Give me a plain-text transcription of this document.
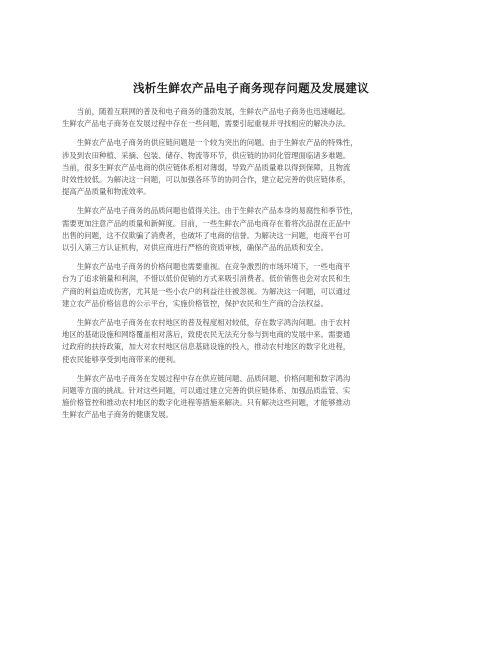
浅析生鲜农产品电子商务现存问题及发展建议

　　当前，随着互联网的普及和电子商务的蓬勃发展，生鲜农产品电子商务也迅速崛起。
生鲜农产品电子商务在发展过程中存在一些问题，需要引起重视并寻找相应的解决办法。

　　生鲜农产品电子商务的供应链问题是一个较为突出的问题。由于生鲜农产品的特殊性，
涉及到农田种植、采摘、包装、储存、物流等环节，供应链的协同化管理面临诸多难题。
当前，很多生鲜农产品电商的供应链体系相对薄弱，导致产品质量难以得到保障，且物流
时效性较低。为解决这一问题，可以加强各环节的协同合作，建立起完善的供应链体系，
提高产品质量和物流效率。

　　生鲜农产品电子商务的品质问题也值得关注。由于生鲜农产品本身的易腐性和季节性，
需要更加注意产品的质量和新鲜度。目前，一些生鲜农产品电商存在着将次品混在正品中
出售的问题，这不仅欺骗了消费者，也破坏了电商的信誉。为解决这一问题，电商平台可
以引入第三方认证机构，对供应商进行严格的资质审核，确保产品的品质和安全。

　　生鲜农产品电子商务的价格问题也需要重视。在竞争激烈的市场环境下，一些电商平
台为了追求销量和利润，不惜以低价促销的方式来吸引消费者。低价销售也会对农民和生
产商的利益造成伤害，尤其是一些小农户的利益往往被忽视。为解决这一问题，可以通过
建立农产品价格信息的公示平台，实施价格管控，保护农民和生产商的合法权益。

　　生鲜农产品电子商务在农村地区的普及程度相对较低，存在数字鸿沟问题。由于农村
地区的基础设施和网络覆盖相对落后，致使农民无法充分参与到电商的发展中来。需要通
过政府的扶持政策，加大对农村地区信息基础设施的投入，推动农村地区的数字化进程，
使农民能够享受到电商带来的便利。

　　生鲜农产品电子商务在发展过程中存在供应链问题、品质问题、价格问题和数字鸿沟
问题等方面的挑战。针对这些问题，可以通过建立完善的供应链体系、加强品质监管、实
施价格管控和推动农村地区的数字化进程等措施来解决。只有解决这些问题，才能够推动
生鲜农产品电子商务的健康发展。
